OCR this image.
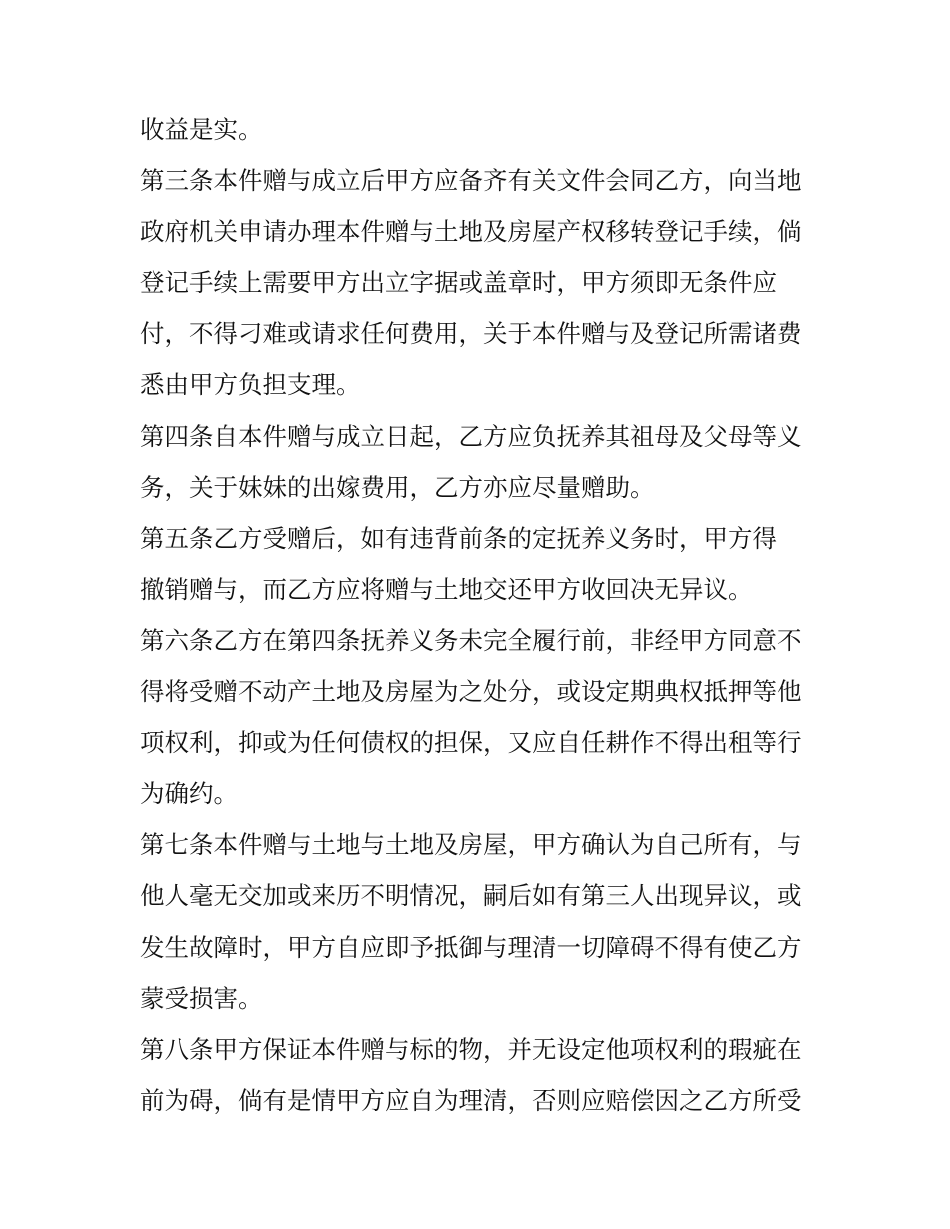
收益是实。
第三条本件赠与成立后甲方应备齐有关文件会同乙方，向当地
政府机关申请办理本件赠与土地及房屋产权移转登记手续，倘
登记手续上需要甲方出立字据或盖章时，甲方须即无条件应
付，不得刁难或请求任何费用，关于本件赠与及登记所需诸费
悉由甲方负担支理。
第四条自本件赠与成立日起，乙方应负抚养其祖母及父母等义
务，关于妹妹的出嫁费用，乙方亦应尽量赠助。
第五条乙方受赠后，如有违背前条的定抚养义务时，甲方得
撤销赠与，而乙方应将赠与土地交还甲方收回决无异议。
第六条乙方在第四条抚养义务未完全履行前，非经甲方同意不
得将受赠不动产土地及房屋为之处分，或设定期典权抵押等他
项权利，抑或为任何债权的担保，又应自任耕作不得出租等行
为确约。
第七条本件赠与土地与土地及房屋，甲方确认为自己所有，与
他人毫无交加或来历不明情况，嗣后如有第三人出现异议，或
发生故障时，甲方自应即予抵御与理清一切障碍不得有使乙方
蒙受损害。
第八条甲方保证本件赠与标的物，并无设定他项权利的瑕疵在
前为碍，倘有是情甲方应自为理清，否则应赔偿因之乙方所受
